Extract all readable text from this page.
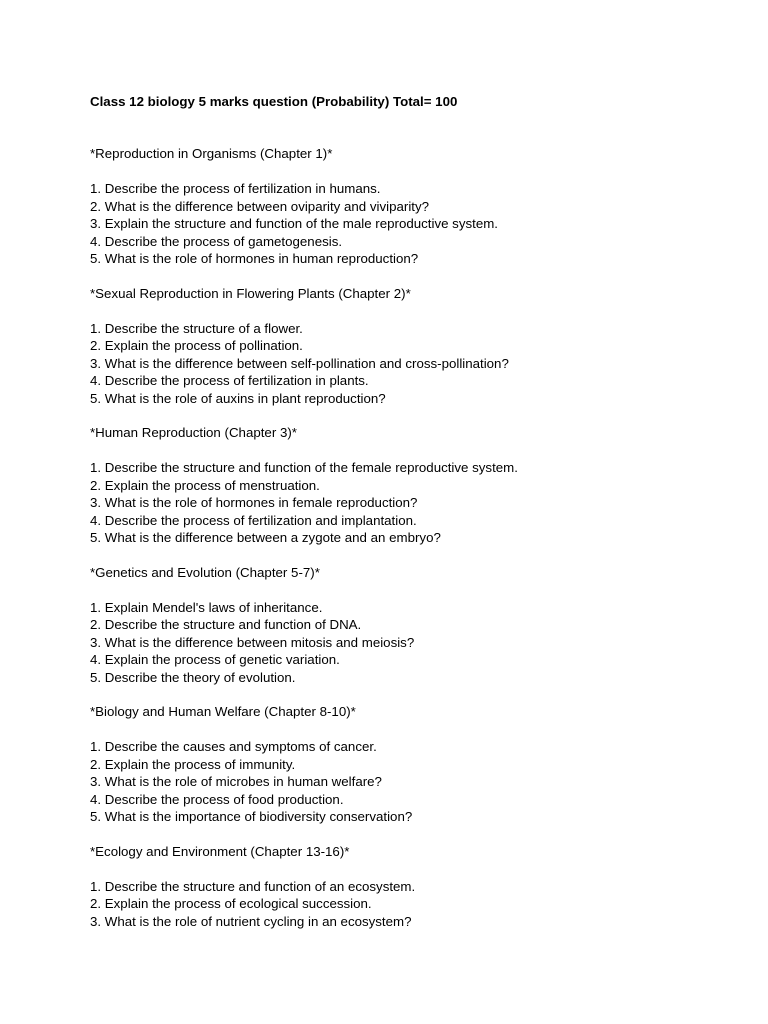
Class 12 biology 5 marks question (Probability) Total= 100
*Reproduction in Organisms (Chapter 1)*
1. Describe the process of fertilization in humans.
2. What is the difference between oviparity and viviparity?
3. Explain the structure and function of the male reproductive system.
4. Describe the process of gametogenesis.
5. What is the role of hormones in human reproduction?
*Sexual Reproduction in Flowering Plants (Chapter 2)*
1. Describe the structure of a flower.
2. Explain the process of pollination.
3. What is the difference between self-pollination and cross-pollination?
4. Describe the process of fertilization in plants.
5. What is the role of auxins in plant reproduction?
*Human Reproduction (Chapter 3)*
1. Describe the structure and function of the female reproductive system.
2. Explain the process of menstruation.
3. What is the role of hormones in female reproduction?
4. Describe the process of fertilization and implantation.
5. What is the difference between a zygote and an embryo?
*Genetics and Evolution (Chapter 5-7)*
1. Explain Mendel's laws of inheritance.
2. Describe the structure and function of DNA.
3. What is the difference between mitosis and meiosis?
4. Explain the process of genetic variation.
5. Describe the theory of evolution.
*Biology and Human Welfare (Chapter 8-10)*
1. Describe the causes and symptoms of cancer.
2. Explain the process of immunity.
3. What is the role of microbes in human welfare?
4. Describe the process of food production.
5. What is the importance of biodiversity conservation?
*Ecology and Environment (Chapter 13-16)*
1. Describe the structure and function of an ecosystem.
2. Explain the process of ecological succession.
3. What is the role of nutrient cycling in an ecosystem?
